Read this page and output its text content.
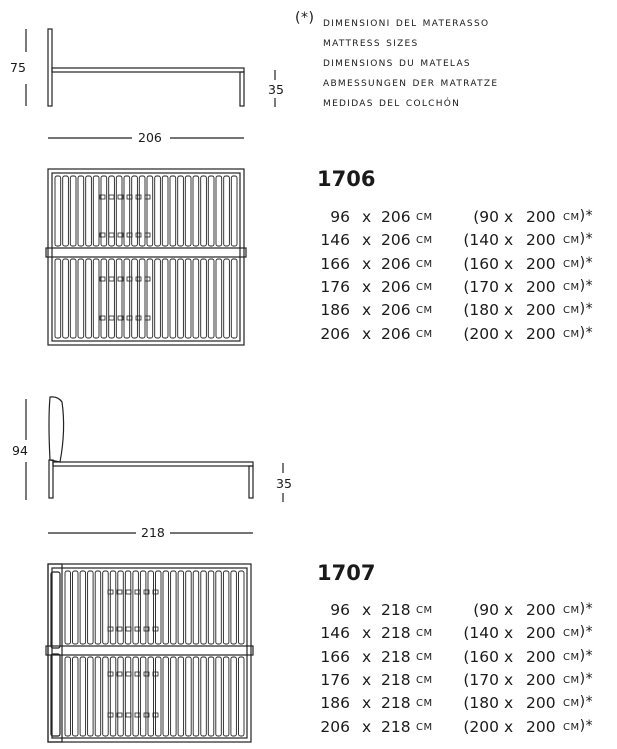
(*) dimensioni del materasso
mattress sizes
dimensions du matelas
abmessungen der matratze
medidas del colchón
75
35
206
94
35
218
1706
96 x 206 cm	(90 x 200 cm)*
146 x 206 cm (140 x 200 cm)*
166 x 206 cm (160 x 200 cm)*
176 x 206 cm (170 x 200 cm)*
186 x 206 cm (180 x 200 cm)*
206 x 206 cm (200 x 200 cm)*
1707
96 x 218 cm	(90 x 200 cm)*
146 x 218 cm (140 x 200 cm)*
166 x 218 cm (160 x 200 cm)*
176 x 218 cm (170 x 200 cm)*
186 x 218 cm (180 x 200 cm)*
206 x 218 cm (200 x 200 cm)*
